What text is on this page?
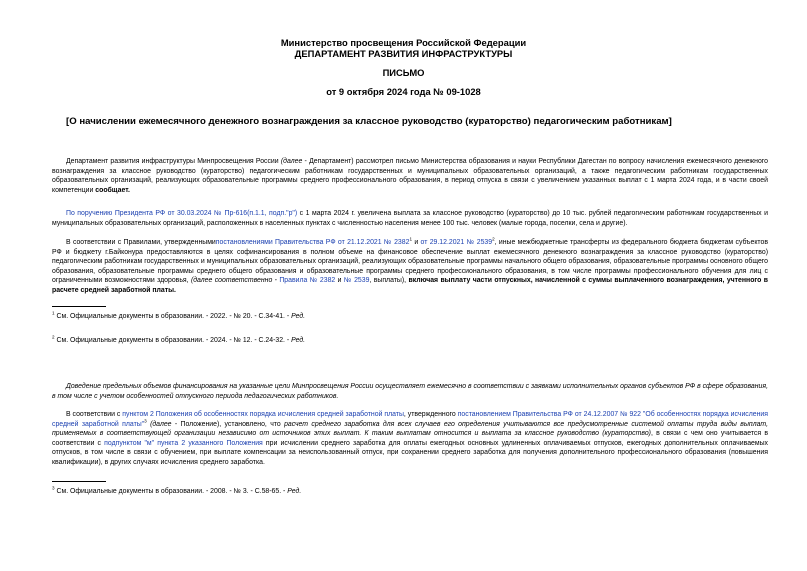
Министерство просвещения Российской Федерации
ДЕПАРТАМЕНТ РАЗВИТИЯ ИНФРАСТРУКТУРЫ
ПИСЬМО
от 9 октября 2024 года № 09-1028
[О начислении ежемесячного денежного вознаграждения за классное руководство (кураторство) педагогическим работникам]
Департамент развития инфраструктуры Минпросвещения России (далее - Департамент) рассмотрел письмо Министерства образования и науки Республики Дагестан по вопросу начисления ежемесячного денежного вознаграждения за классное руководство (кураторство) педагогическим работникам государственных и муниципальных образовательных организаций, а также педагогическим работникам государственных образовательных организаций, реализующих образовательные программы среднего профессионального образования, в период отпуска в связи с увеличением указанных выплат с 1 марта 2024 года, и в части своей компетенции сообщает.
По поручению Президента РФ от 30.03.2024 № Пр-616(п.1.1, подп."р") с 1 марта 2024 г. увеличена выплата за классное руководство (кураторство) до 10 тыс. рублей педагогическим работникам государственных и муниципальных образовательных организаций, расположенных в населенных пунктах с численностью населения менее 100 тыс. человек (малые города, поселки, села и другие).
В соответствии с Правилами, утвержденнымипостановлениями Правительства РФ от 21.12.2021 № 2382$^1$ и от 29.12.2021 № 2539$^2$, иные межбюджетные трансферты из федерального бюджета бюджетам субъектов РФ и бюджету г.Байконура предоставляются в целях софинансирования в полном объеме на финансовое обеспечение выплат ежемесячного денежного вознаграждения за классное руководство (кураторство) педагогическим работникам государственных и муниципальных образовательных организаций, реализующих образовательные программы начального общего образования, образовательные программы основного общего образования, образовательные программы среднего общего образования и образовательные программы среднего профессионального образования, в том числе программы профессионального обучения для лиц с ограниченными возможностями здоровья, (далее соответственно - Правила № 2382 и № 2539, выплаты), включая выплату части отпускных, начисленной с суммы выплаченного вознаграждения, учтенного в расчете средней заработной платы.
$^1$ См. Официальные документы в образовании. - 2022. - № 20. - С.34-41. - Ред.
$^2$ См. Официальные документы в образовании. - 2024. - № 12. - С.24-32. - Ред.
Доведение предельных объемов финансирования на указанные цели Минпросвещения России осуществляет ежемесячно в соответствии с заявками исполнительных органов субъектов РФ в сфере образования, в том числе с учетом особенностей отпускного периода педагогических работников.
В соответствии с пунктом 2 Положения об особенностях порядка исчисления средней заработной платы, утвержденного постановлением Правительства РФ от 24.12.2007 № 922 "Об особенностях порядка исчисления средней заработной платы"$^3$ (далее - Положение), установлено, что расчет среднего заработка для всех случаев его определения учитываются все предусмотренные системой оплаты труда виды выплат, применяемых в соответствующей организации независимо от источников этих выплат. К таким выплатам относится и выплата за классное руководство (кураторство), в связи с чем оно учитывается в соответствии с подпунктом "м" пункта 2 указанного Положения при исчислении среднего заработка для оплаты ежегодных основных удлиненных оплачиваемых отпусков, ежегодных дополнительных оплачиваемых отпусков, в том числе в связи с обучением, при выплате компенсации за неиспользованный отпуск, при сохранении среднего заработка для получения дополнительного профессионального образования (повышения квалификации), в других случаях исчисления среднего заработка.
$^3$ См. Официальные документы в образовании. - 2008. - № 3. - С.58-65. - Ред.
